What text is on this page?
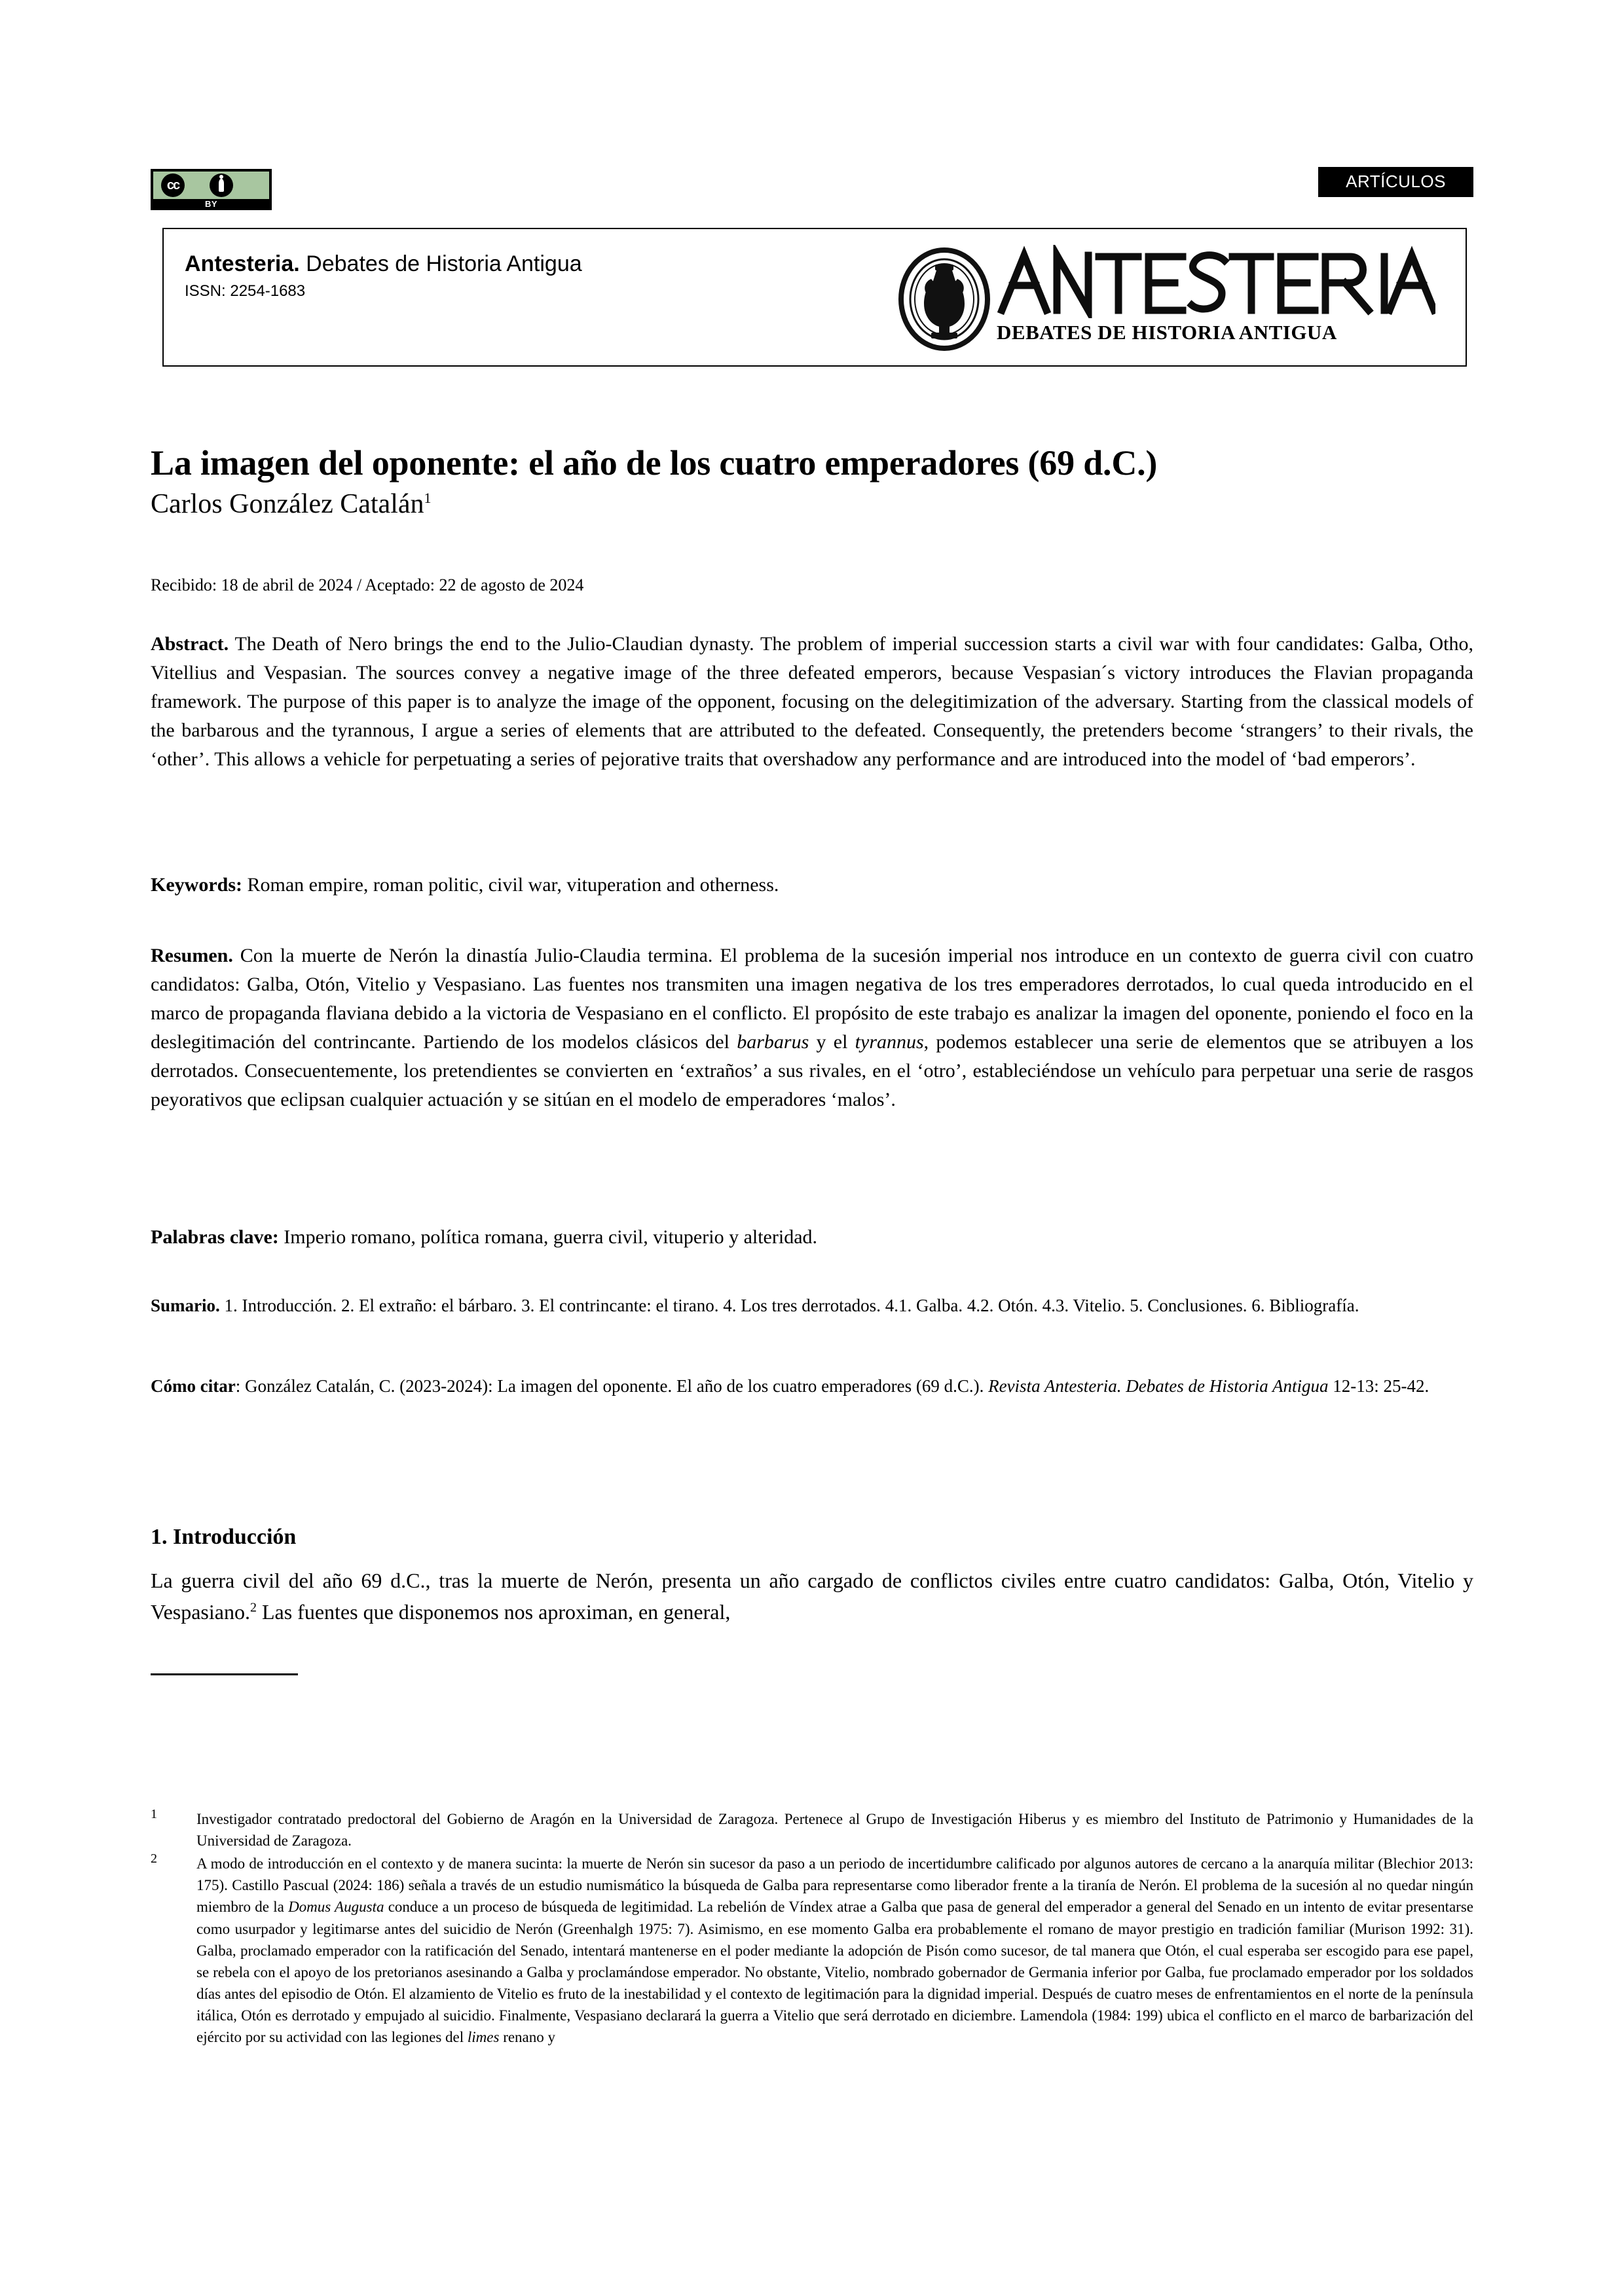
cc
BY
ARTÍCULOS
Antesteria. Debates de Historia Antigua
ISSN: 2254-1683
DEBATES DE HISTORIA ANTIGUA
La imagen del oponente: el año de los cuatro emperadores (69 d.C.)
Carlos González Catalán$^1$
Recibido: 18 de abril de 2024 / Aceptado: 22 de agosto de 2024
Abstract. The Death of Nero brings the end to the Julio-Claudian dynasty. The problem of imperial succession starts a civil war with four candidates: Galba, Otho, Vitellius and Vespasian. The sources convey a negative image of the three defeated emperors, because Vespasian´s victory introduces the Flavian propaganda framework. The purpose of this paper is to analyze the image of the opponent, focusing on the delegitimization of the adversary. Starting from the classical models of the barbarous and the tyrannous, I argue a series of elements that are attributed to the defeated. Consequently, the pretenders become ‘strangers’ to their rivals, the ‘other’. This allows a vehicle for perpetuating a series of pejorative traits that overshadow any performance and are introduced into the model of ‘bad emperors’.
Keywords: Roman empire, roman politic, civil war, vituperation and otherness.
Resumen. Con la muerte de Nerón la dinastía Julio-Claudia termina. El problema de la sucesión imperial nos introduce en un contexto de guerra civil con cuatro candidatos: Galba, Otón, Vitelio y Vespasiano. Las fuentes nos transmiten una imagen negativa de los tres emperadores derrotados, lo cual queda introducido en el marco de propaganda flaviana debido a la victoria de Vespasiano en el conflicto. El propósito de este trabajo es analizar la imagen del oponente, poniendo el foco en la deslegitimación del contrincante. Partiendo de los modelos clásicos del barbarus y el tyrannus, podemos establecer una serie de elementos que se atribuyen a los derrotados. Consecuentemente, los pretendientes se convierten en ‘extraños’ a sus rivales, en el ‘otro’, estableciéndose un vehículo para perpetuar una serie de rasgos peyorativos que eclipsan cualquier actuación y se sitúan en el modelo de emperadores ‘malos’.
Palabras clave: Imperio romano, política romana, guerra civil, vituperio y alteridad.
Sumario. 1. Introducción. 2. El extraño: el bárbaro. 3. El contrincante: el tirano. 4. Los tres derrotados. 4.1. Galba. 4.2. Otón. 4.3. Vitelio. 5. Conclusiones. 6. Bibliografía.
Cómo citar: González Catalán, C. (2023-2024): La imagen del oponente. El año de los cuatro emperadores (69 d.C.). Revista Antesteria. Debates de Historia Antigua 12-13: 25-42.
1. Introducción
La guerra civil del año 69 d.C., tras la muerte de Nerón, presenta un año cargado de conflictos civiles entre cuatro candidatos: Galba, Otón, Vitelio y Vespasiano.$^2$ Las fuentes que disponemos nos aproximan, en general,
1	Investigador contratado predoctoral del Gobierno de Aragón en la Universidad de Zaragoza. Pertenece al Grupo de Investigación Hiberus y es miembro del Instituto de Patrimonio y Humanidades de la Universidad de Zaragoza.
2	A modo de introducción en el contexto y de manera sucinta: la muerte de Nerón sin sucesor da paso a un periodo de incertidumbre calificado por algunos autores de cercano a la anarquía militar (Blechior 2013: 175). Castillo Pascual (2024: 186) señala a través de un estudio numismático la búsqueda de Galba para representarse como liberador frente a la tiranía de Nerón. El problema de la sucesión al no quedar ningún miembro de la Domus Augusta conduce a un proceso de búsqueda de legitimidad. La rebelión de Víndex atrae a Galba que pasa de general del emperador a general del Senado en un intento de evitar presentarse como usurpador y legitimarse antes del suicidio de Nerón (Greenhalgh 1975: 7). Asimismo, en ese momento Galba era probablemente el romano de mayor prestigio en tradición familiar (Murison 1992: 31). Galba, proclamado emperador con la ratificación del Senado, intentará mantenerse en el poder mediante la adopción de Pisón como sucesor, de tal manera que Otón, el cual esperaba ser escogido para ese papel, se rebela con el apoyo de los pretorianos asesinando a Galba y proclamándose emperador. No obstante, Vitelio, nombrado gobernador de Germania inferior por Galba, fue proclamado emperador por los soldados días antes del episodio de Otón. El alzamiento de Vitelio es fruto de la inestabilidad y el contexto de legitimación para la dignidad imperial. Después de cuatro meses de enfrentamientos en el norte de la península itálica, Otón es derrotado y empujado al suicidio. Finalmente, Vespasiano declarará la guerra a Vitelio que será derrotado en diciembre. Lamendola (1984: 199) ubica el conflicto en el marco de barbarización del ejército por su actividad con las legiones del limes renano y
